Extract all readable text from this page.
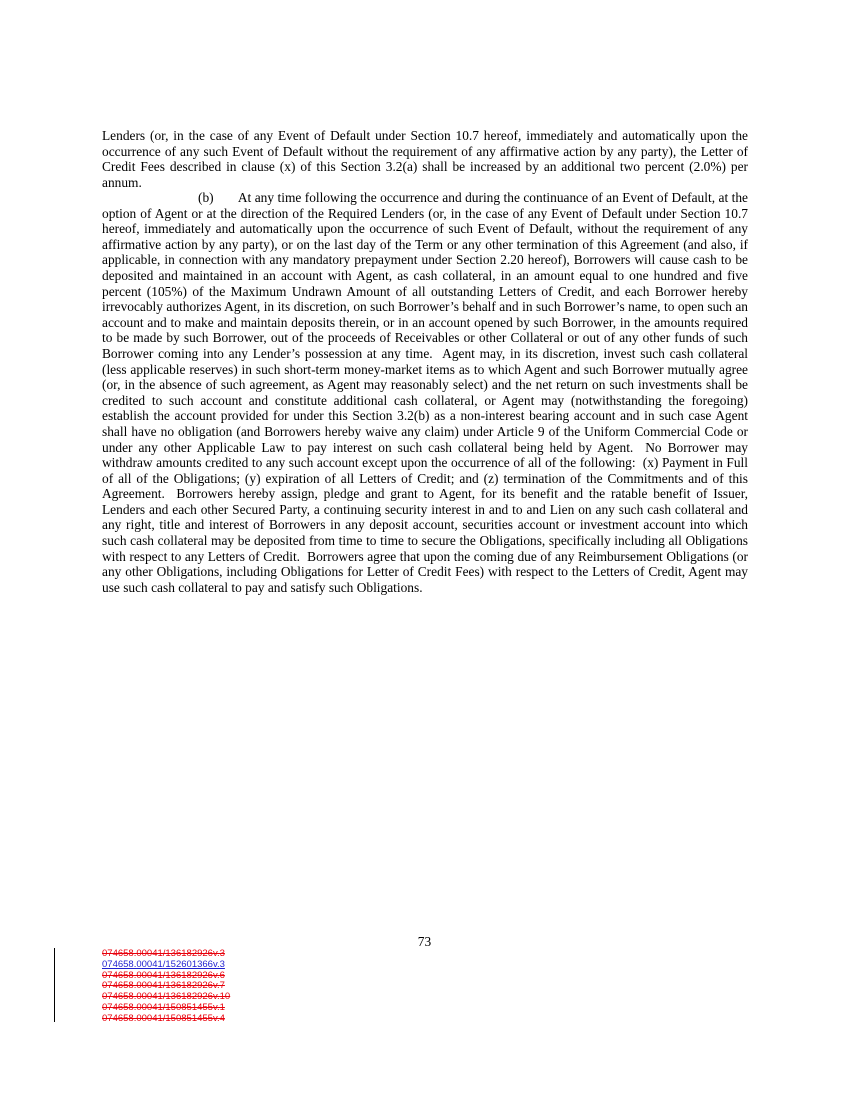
Lenders (or, in the case of any Event of Default under Section 10.7 hereof, immediately and automatically upon the occurrence of any such Event of Default without the requirement of any affirmative action by any party), the Letter of Credit Fees described in clause (x) of this Section 3.2(a) shall be increased by an additional two percent (2.0%) per annum.

(b)       At any time following the occurrence and during the continuance of an Event of Default, at the option of Agent or at the direction of the Required Lenders (or, in the case of any Event of Default under Section 10.7 hereof, immediately and automatically upon the occurrence of such Event of Default, without the requirement of any affirmative action by any party), or on the last day of the Term or any other termination of this Agreement (and also, if applicable, in connection with any mandatory prepayment under Section 2.20 hereof), Borrowers will cause cash to be deposited and maintained in an account with Agent, as cash collateral, in an amount equal to one hundred and five percent (105%) of the Maximum Undrawn Amount of all outstanding Letters of Credit, and each Borrower hereby irrevocably authorizes Agent, in its discretion, on such Borrower’s behalf and in such Borrower’s name, to open such an account and to make and maintain deposits therein, or in an account opened by such Borrower, in the amounts required to be made by such Borrower, out of the proceeds of Receivables or other Collateral or out of any other funds of such Borrower coming into any Lender’s possession at any time.  Agent may, in its discretion, invest such cash collateral (less applicable reserves) in such short-term money-market items as to which Agent and such Borrower mutually agree (or, in the absence of such agreement, as Agent may reasonably select) and the net return on such investments shall be credited to such account and constitute additional cash collateral, or Agent may (notwithstanding the foregoing) establish the account provided for under this Section 3.2(b) as a non-interest bearing account and in such case Agent shall have no obligation (and Borrowers hereby waive any claim) under Article 9 of the Uniform Commercial Code or under any other Applicable Law to pay interest on such cash collateral being held by Agent.  No Borrower may withdraw amounts credited to any such account except upon the occurrence of all of the following:  (x) Payment in Full of all of the Obligations; (y) expiration of all Letters of Credit; and (z) termination of the Commitments and of this Agreement.  Borrowers hereby assign, pledge and grant to Agent, for its benefit and the ratable benefit of Issuer, Lenders and each other Secured Party, a continuing security interest in and to and Lien on any such cash collateral and any right, title and interest of Borrowers in any deposit account, securities account or investment account into which such cash collateral may be deposited from time to time to secure the Obligations, specifically including all Obligations with respect to any Letters of Credit.  Borrowers agree that upon the coming due of any Reimbursement Obligations (or any other Obligations, including Obligations for Letter of Credit Fees) with respect to the Letters of Credit, Agent may use such cash collateral to pay and satisfy such Obligations.

73
074658.00041/136182926v.3
074658.00041/152601366v.3
074658.00041/136182926v.6
074658.00041/136182926v.7
074658.00041/136182926v.10
074658.00041/150851455v.1
074658.00041/150851455v.4
